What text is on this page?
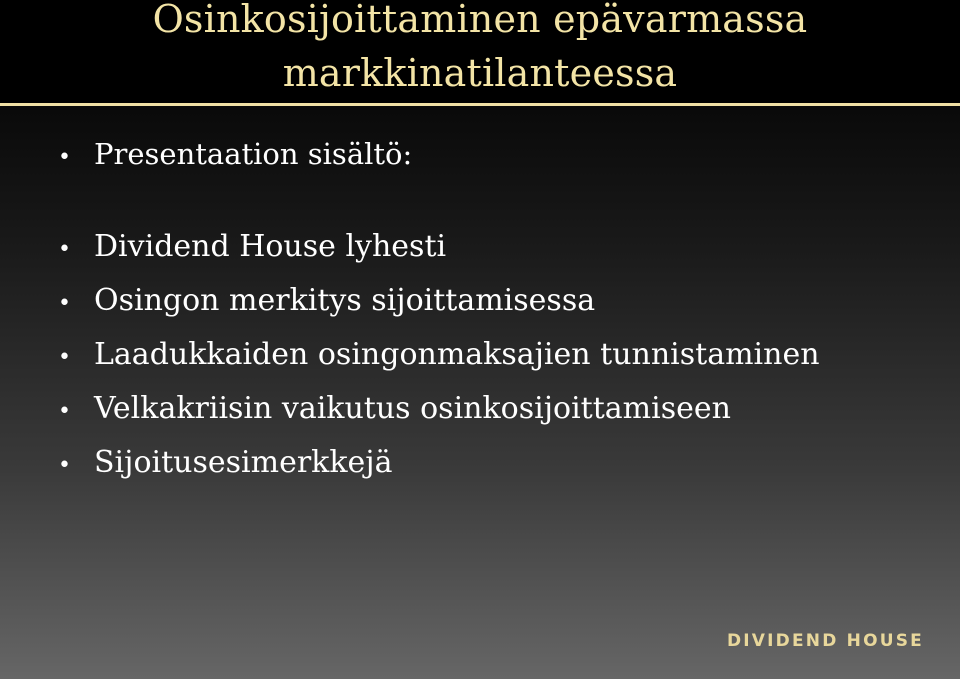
Osinkosijoittaminen epävarmassa
markkinatilanteessa
• Presentaation sisältö:
• Dividend House lyhesti
• Osingon merkitys sijoittamisessa
• Laadukkaiden osingonmaksajien tunnistaminen
• Velkakriisin vaikutus osinkosijoittamiseen
• Sijoitusesimerkkejä
DIVIDEND HOUSE
